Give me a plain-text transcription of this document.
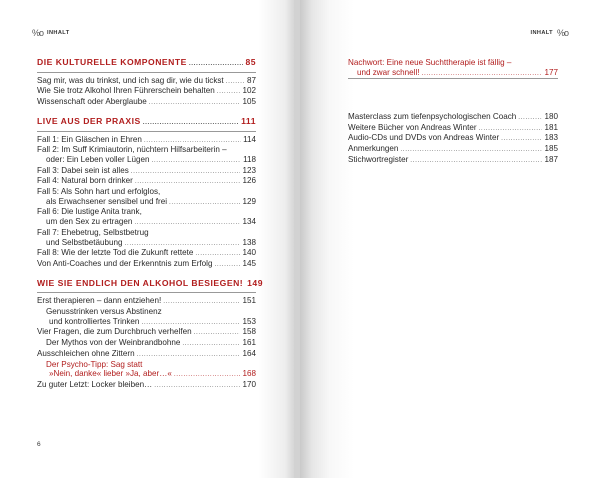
%o INHALT	INHALT %o
DIE KULTURELLE KOMPONENTE .....	85
Sag mir, was du trinkst, und ich sag dir, wie du tickst .....	87
Wie Sie trotz Alkohol Ihren Führerschein behalten .....	102
Wissenschaft oder Aberglaube .....	105
LIVE AUS DER PRAXIS .....	111
Fall 1: Ein Gläschen in Ehren .....	114
Fall 2: Im Suff Krimiautorin, nüchtern Hilfsarbeiterin –
oder: Ein Leben voller Lügen .....	118
Fall 3: Dabei sein ist alles .....	123
Fall 4: Natural born drinker .....	126
Fall 5: Als Sohn hart und erfolglos,
als Erwachsener sensibel und frei .....	129
Fall 6: Die lustige Anita trank,
um den Sex zu ertragen .....	134
Fall 7: Ehebetrug, Selbstbetrug
und Selbstbetäubung .....	138
Fall 8: Wie der letzte Tod die Zukunft rettete .....	140
Von Anti-Coaches und der Erkenntnis zum Erfolg .....	145
WIE SIE ENDLICH DEN ALKOHOL BESIEGEN! 149
Erst therapieren – dann entziehen! .....	151
Genusstrinken versus Abstinenz
und kontrolliertes Trinken .....	153
Vier Fragen, die zum Durchbruch verhelfen .....	158
Der Mythos von der Weinbrandbohne .....	161
Ausschleichen ohne Zittern .....	164
Der Psycho-Tipp: Sag statt
»Nein, danke« lieber »Ja, aber…« .....	168
Zu guter Letzt: Locker bleiben… .....	170
6
Nachwort: Eine neue Suchttherapie ist fällig –
und zwar schnell! .....	177
Masterclass zum tiefenpsychologischen Coach .....	180
Weitere Bücher von Andreas Winter .....	181
Audio-CDs und DVDs von Andreas Winter .....	183
Anmerkungen .....	185
Stichwortregister .....	187
